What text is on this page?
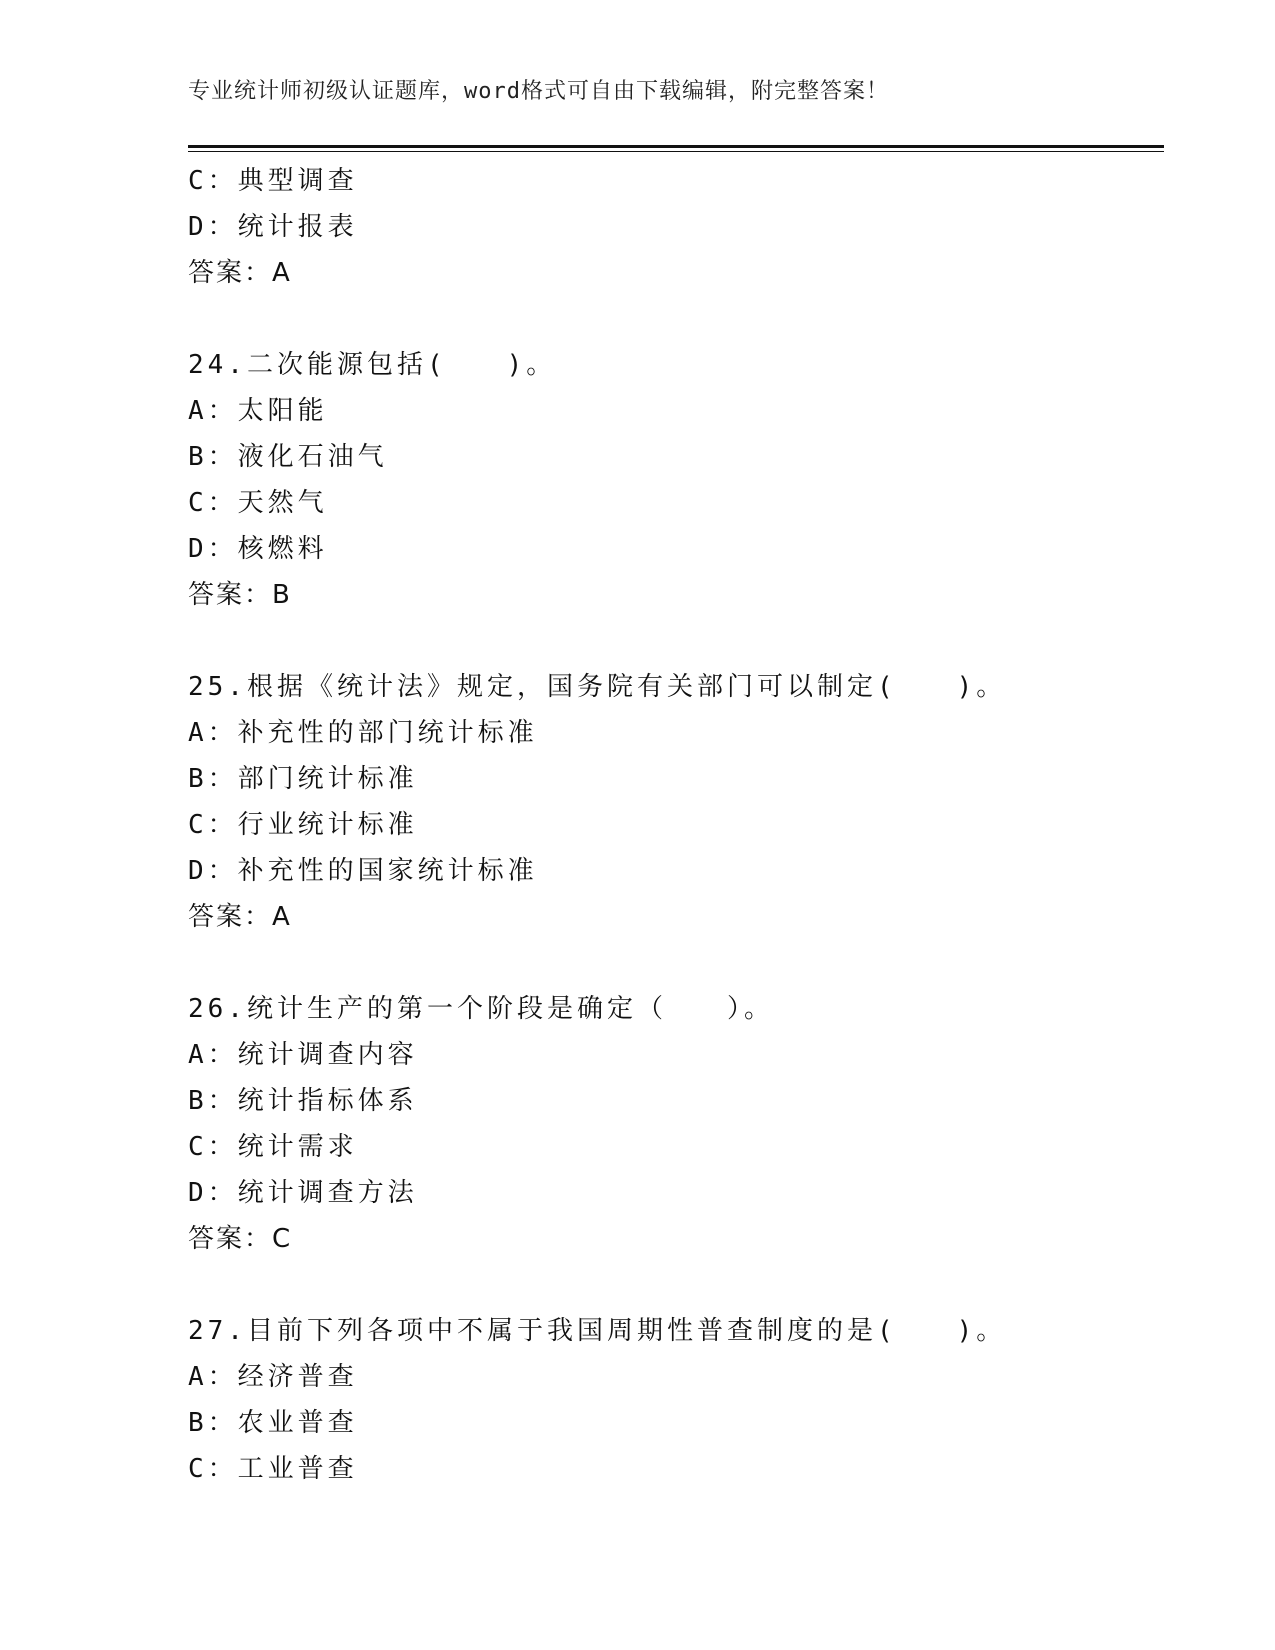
专业统计师初级认证题库，word格式可自由下载编辑，附完整答案！
C：典型调查
D：统计报表
答案：A
24.二次能源包括(　　)。
A：太阳能
B：液化石油气
C：天然气
D：核燃料
答案：B
25.根据《统计法》规定，国务院有关部门可以制定(　　)。
A：补充性的部门统计标准
B：部门统计标准
C：行业统计标准
D：补充性的国家统计标准
答案：A
26.统计生产的第一个阶段是确定（　　）。
A：统计调查内容
B：统计指标体系
C：统计需求
D：统计调查方法
答案：C
27.目前下列各项中不属于我国周期性普查制度的是(　　)。
A：经济普查
B：农业普查
C：工业普查
